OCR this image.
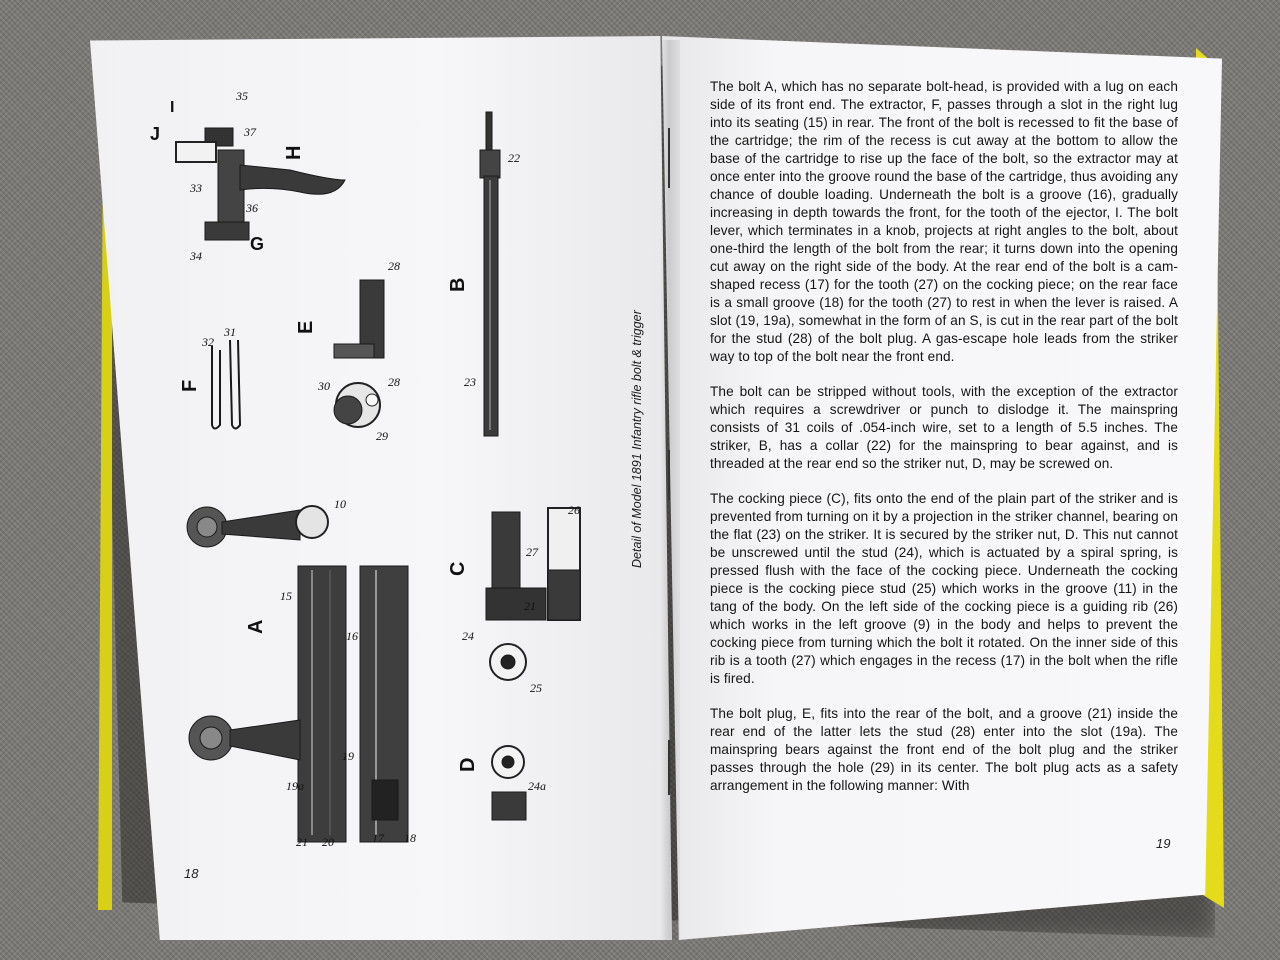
H
I
J
G
F
E
B
A
C
D
35
37
33
36
34
22
28
32
31
30	28
29
23
10
15
16
26
27
21
24
25
19a
19
21 20	17 18
24a
Detail of Model 1891 Infantry rifle bolt & trigger
18
19

The bolt A, which has no separate bolt-head, is provided with a lug on each side of its front end. The extractor, F, passes through a slot in the right lug into its seating (15) in rear. The front of the bolt is recessed to fit the base of the cartridge; the rim of the recess is cut away at the bottom to allow the base of the cartridge to rise up the face of the bolt, so the extractor may at once enter into the groove round the base of the cartridge, thus avoiding any chance of double loading. Underneath the bolt is a groove (16), gradually increasing in depth towards the front, for the tooth of the ejector, I. The bolt lever, which terminates in a knob, projects at right angles to the bolt, about one-third the length of the bolt from the rear; it turns down into the opening cut away on the right side of the body. At the rear end of the bolt is a cam-shaped recess (17) for the tooth (27) on the cocking piece; on the rear face is a small groove (18) for the tooth (27) to rest in when the lever is raised. A slot (19, 19a), somewhat in the form of an S, is cut in the rear part of the bolt for the stud (28) of the bolt plug. A gas-escape hole leads from the striker way to top of the bolt near the front end.

The bolt can be stripped without tools, with the exception of the extractor which requires a screwdriver or punch to dislodge it. The mainspring consists of 31 coils of .054-inch wire, set to a length of 5.5 inches. The striker, B, has a collar (22) for the mainspring to bear against, and is threaded at the rear end so the striker nut, D, may be screwed on.

The cocking piece (C), fits onto the end of the plain part of the striker and is prevented from turning on it by a projection in the striker channel, bearing on the flat (23) on the striker. It is secured by the striker nut, D. This nut cannot be unscrewed until the stud (24), which is actuated by a spiral spring, is pressed flush with the face of the cocking piece. Underneath the cocking piece is the cocking piece stud (25) which works in the groove (11) in the tang of the body. On the left side of the cocking piece is a guiding rib (26) which works in the left groove (9) in the body and helps to prevent the cocking piece from turning which the bolt it rotated. On the inner side of this rib is a tooth (27) which engages in the recess (17) in the bolt when the rifle is fired.

The bolt plug, E, fits into the rear of the bolt, and a groove (21) inside the rear end of the latter lets the stud (28) enter into the slot (19a). The mainspring bears against the front end of the bolt plug and the striker passes through the hole (29) in its center. The bolt plug acts as a safety arrangement in the following manner: With
